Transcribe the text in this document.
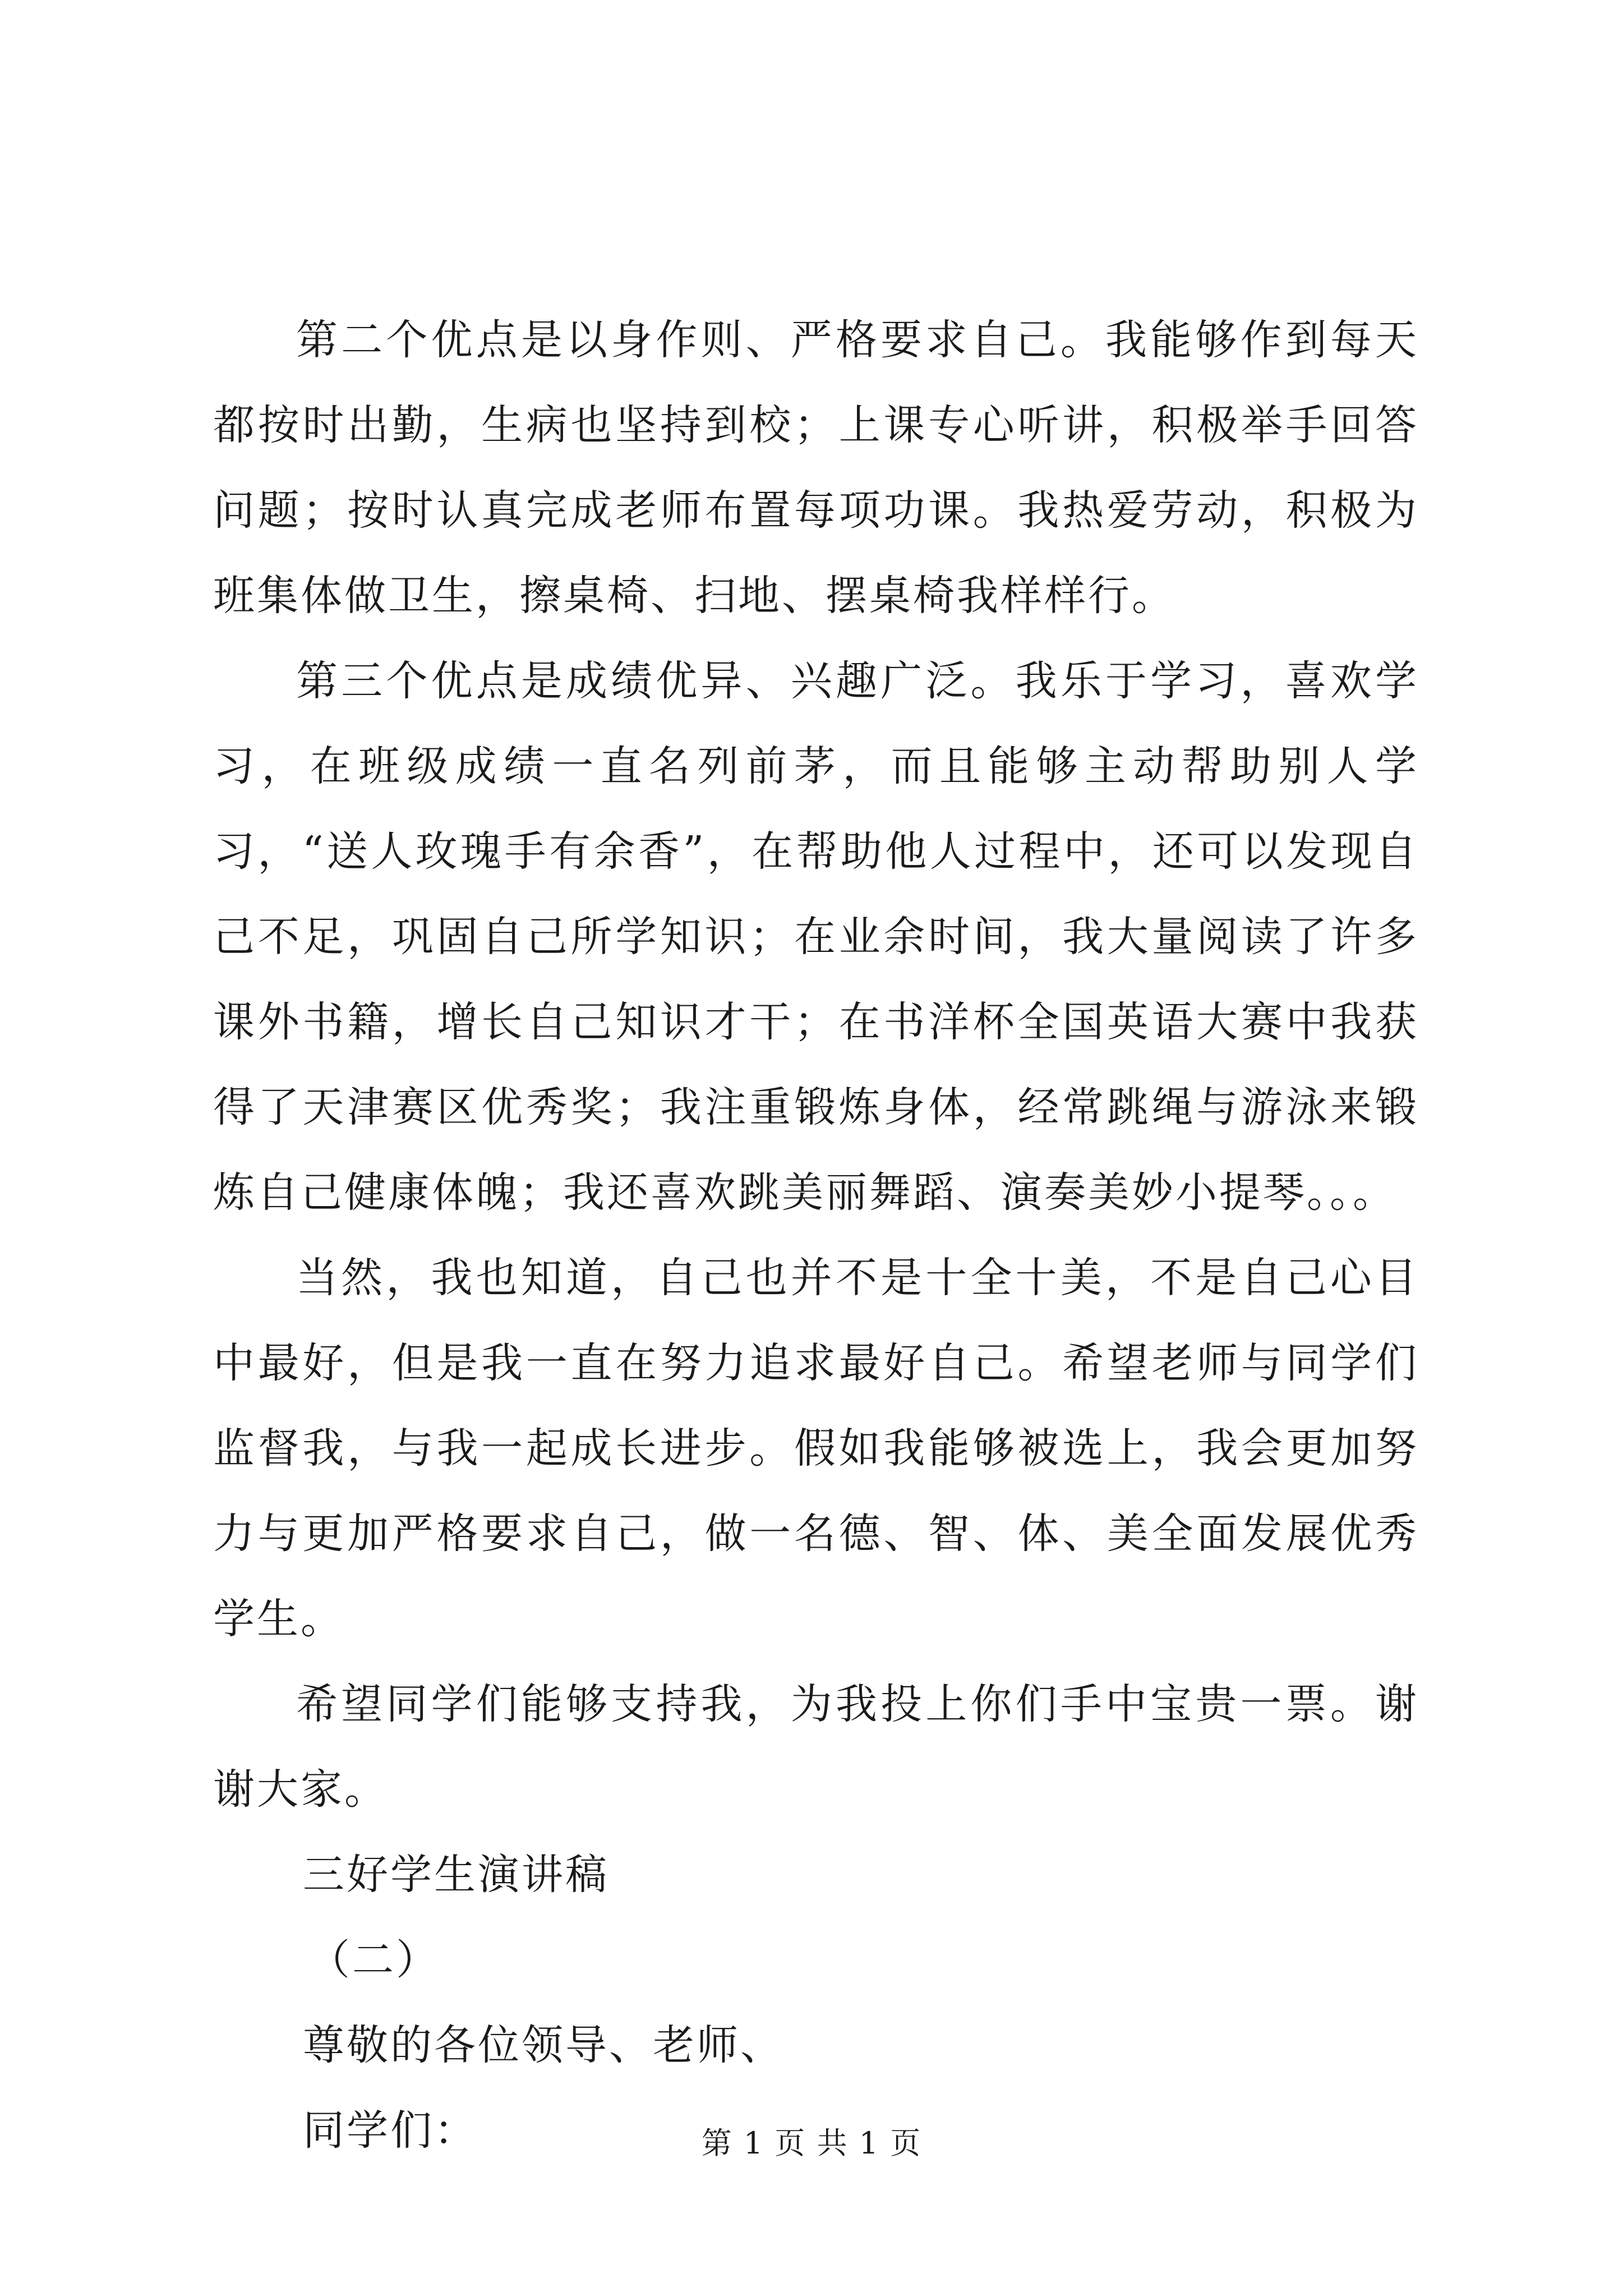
第二个优点是以身作则、严格要求自己。我能够作到每天都按时出勤，生病也坚持到校；上课专心听讲，积极举手回答问题；按时认真完成老师布置每项功课。我热爱劳动，积极为班集体做卫生，擦桌椅、扫地、摆桌椅我样样行。

第三个优点是成绩优异、兴趣广泛。我乐于学习，喜欢学习，在班级成绩一直名列前茅，而且能够主动帮助别人学习，“送人玫瑰手有余香”，在帮助他人过程中，还可以发现自己不足，巩固自己所学知识；在业余时间，我大量阅读了许多课外书籍，增长自己知识才干；在书洋杯全国英语大赛中我获得了天津赛区优秀奖；我注重锻炼身体，经常跳绳与游泳来锻炼自己健康体魄；我还喜欢跳美丽舞蹈、演奏美妙小提琴。。。

当然，我也知道，自己也并不是十全十美，不是自己心目中最好，但是我一直在努力追求最好自己。希望老师与同学们监督我，与我一起成长进步。假如我能够被选上，我会更加努力与更加严格要求自己，做一名德、智、体、美全面发展优秀学生。

希望同学们能够支持我，为我投上你们手中宝贵一票。谢谢大家。

三好学生演讲稿

（二）

尊敬的各位领导、老师、

同学们：	第 1 页 共 1 页
